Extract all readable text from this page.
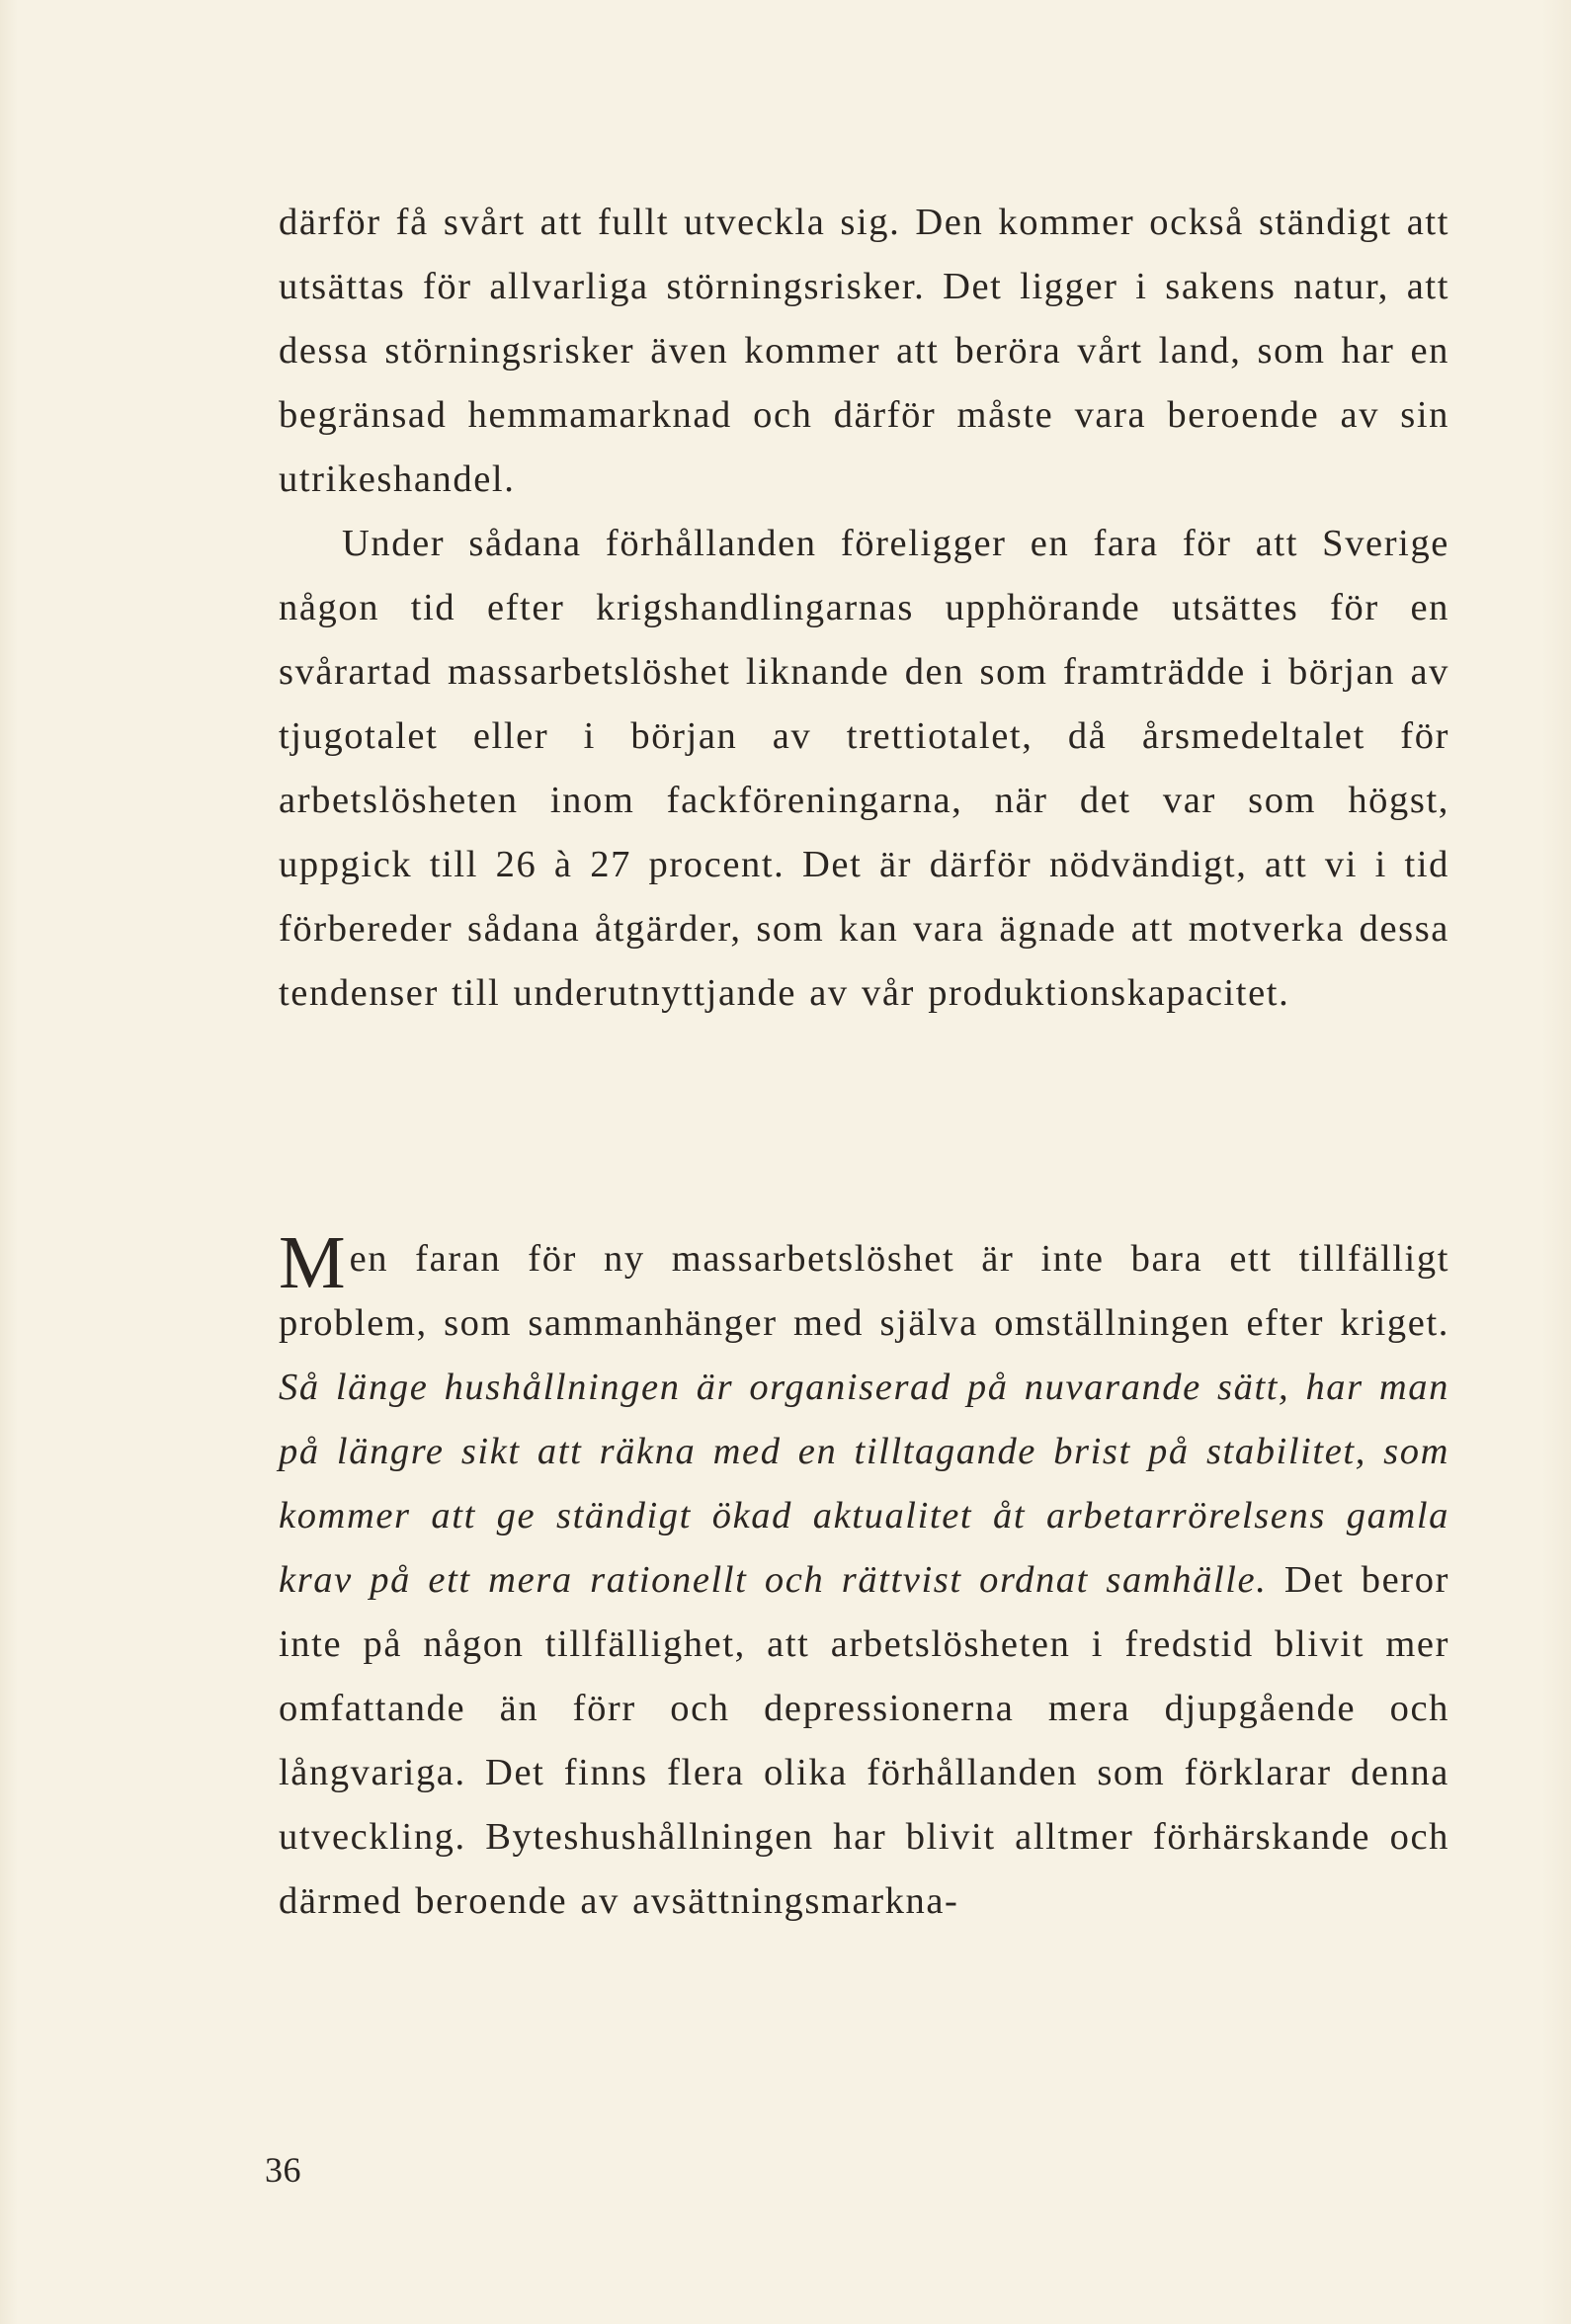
därför få svårt att fullt utveckla sig. Den kommer också ständigt att utsättas för allvarliga störningsrisker. Det ligger i sakens natur, att dessa störningsrisker även kommer att beröra vårt land, som har en begränsad hemmamarknad och därför måste vara beroende av sin utrikeshandel.

Under sådana förhållanden föreligger en fara för att Sverige någon tid efter krigshandlingarnas upphörande utsättes för en svårartad massarbetslöshet liknande den som framträdde i början av tjugotalet eller i början av trettiotalet, då årsmedeltalet för arbetslösheten inom fackföreningarna, när det var som högst, uppgick till 26 à 27 procent. Det är därför nödvändigt, att vi i tid förbereder sådana åtgärder, som kan vara ägnade att motverka dessa tendenser till underutnyttjande av vår produktionskapacitet.

Men faran för ny massarbetslöshet är inte bara ett tillfälligt problem, som sammanhänger med själva omställningen efter kriget. Så länge hushållningen är organiserad på nuvarande sätt, har man på längre sikt att räkna med en tilltagande brist på stabilitet, som kommer att ge ständigt ökad aktualitet åt arbetarrörelsens gamla krav på ett mera rationellt och rättvist ordnat samhälle. Det beror inte på någon tillfällighet, att arbetslösheten i fredstid blivit mer omfattande än förr och depressionerna mera djupgående och långvariga. Det finns flera olika förhållanden som förklarar denna utveckling. Byteshushållningen har blivit alltmer förhärskande och därmed beroende av avsättningsmarkna-

36
